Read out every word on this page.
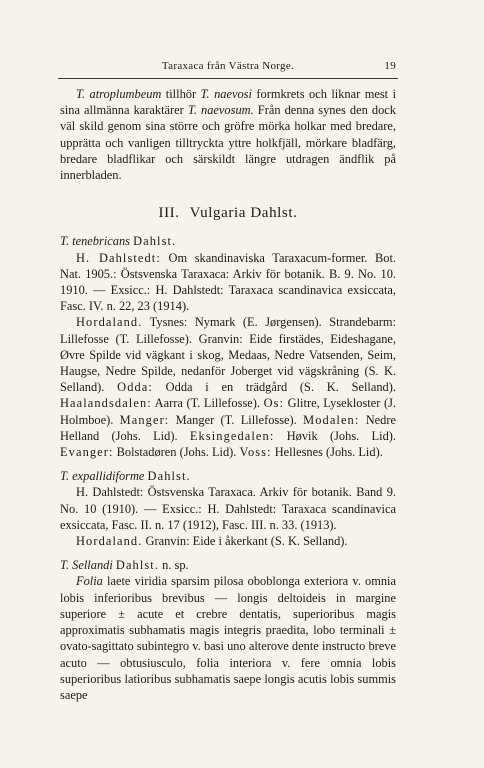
Taraxaca från Västra Norge.	19

T. atroplumbeum tillhör T. naevosi formkrets och liknar mest i sina allmänna karaktärer T. naevosum. Från denna synes den dock väl skild genom sina större och gröfre mörka holkar med bredare, upprätta och vanligen tilltryckta yttre holkfjäll, mörkare bladfärg, bredare bladflikar och särskildt längre utdragen ändflik på innerbladen.

III. Vulgaria Dahlst.

T. tenebricans Dahlst.

H. Dahlstedt: Om skandinaviska Taraxacum-former. Bot. Nat. 1905.: Östsvenska Taraxaca: Arkiv för botanik. B. 9. No. 10. 1910. — Exsicc.: H. Dahlstedt: Taraxaca scandinavica exsiccata, Fasc. IV. n. 22, 23 (1914).

Hordaland. Tysnes: Nymark (E. Jørgensen). Strandebarm: Lillefosse (T. Lillefosse). Granvin: Eide firstädes, Eideshagane, Øvre Spilde vid vägkant i skog, Medaas, Nedre Vatsenden, Seim, Haugse, Nedre Spilde, nedanför Joberget vid vägskråning (S. K. Selland). Odda: Odda i en trädgård (S. K. Selland). Haalandsdalen: Aarra (T. Lillefosse). Os: Glitre, Lysekloster (J. Holmboe). Manger: Manger (T. Lillefosse). Modalen: Nedre Helland (Johs. Lid). Eksingedalen: Høvik (Johs. Lid). Evanger: Bolstadøren (Johs. Lid). Voss: Hellesnes (Johs. Lid).

T. expallidiforme Dahlst.

H. Dahlstedt: Östsvenska Taraxaca. Arkiv för botanik. Band 9. No. 10 (1910). — Exsicc.: H. Dahlstedt: Taraxaca scandinavica exsiccata, Fasc. II. n. 17 (1912), Fasc. III. n. 33. (1913).

Hordaland. Granvin: Eide i åkerkant (S. K. Selland).

T. Sellandi Dahlst. n. sp.

Folia laete viridia sparsim pilosa oboblonga exteriora v. omnia lobis inferioribus brevibus — longis deltoideis in margine superiore ± acute et crebre dentatis, superioribus magis approximatis subhamatis magis integris praedita, lobo terminali ± ovato-sagittato subintegro v. basi uno alterove dente instructo breve acuto — obtusiusculo, folia interiora v. fere omnia lobis superioribus latioribus subhamatis saepe longis acutis lobis summis saepe
